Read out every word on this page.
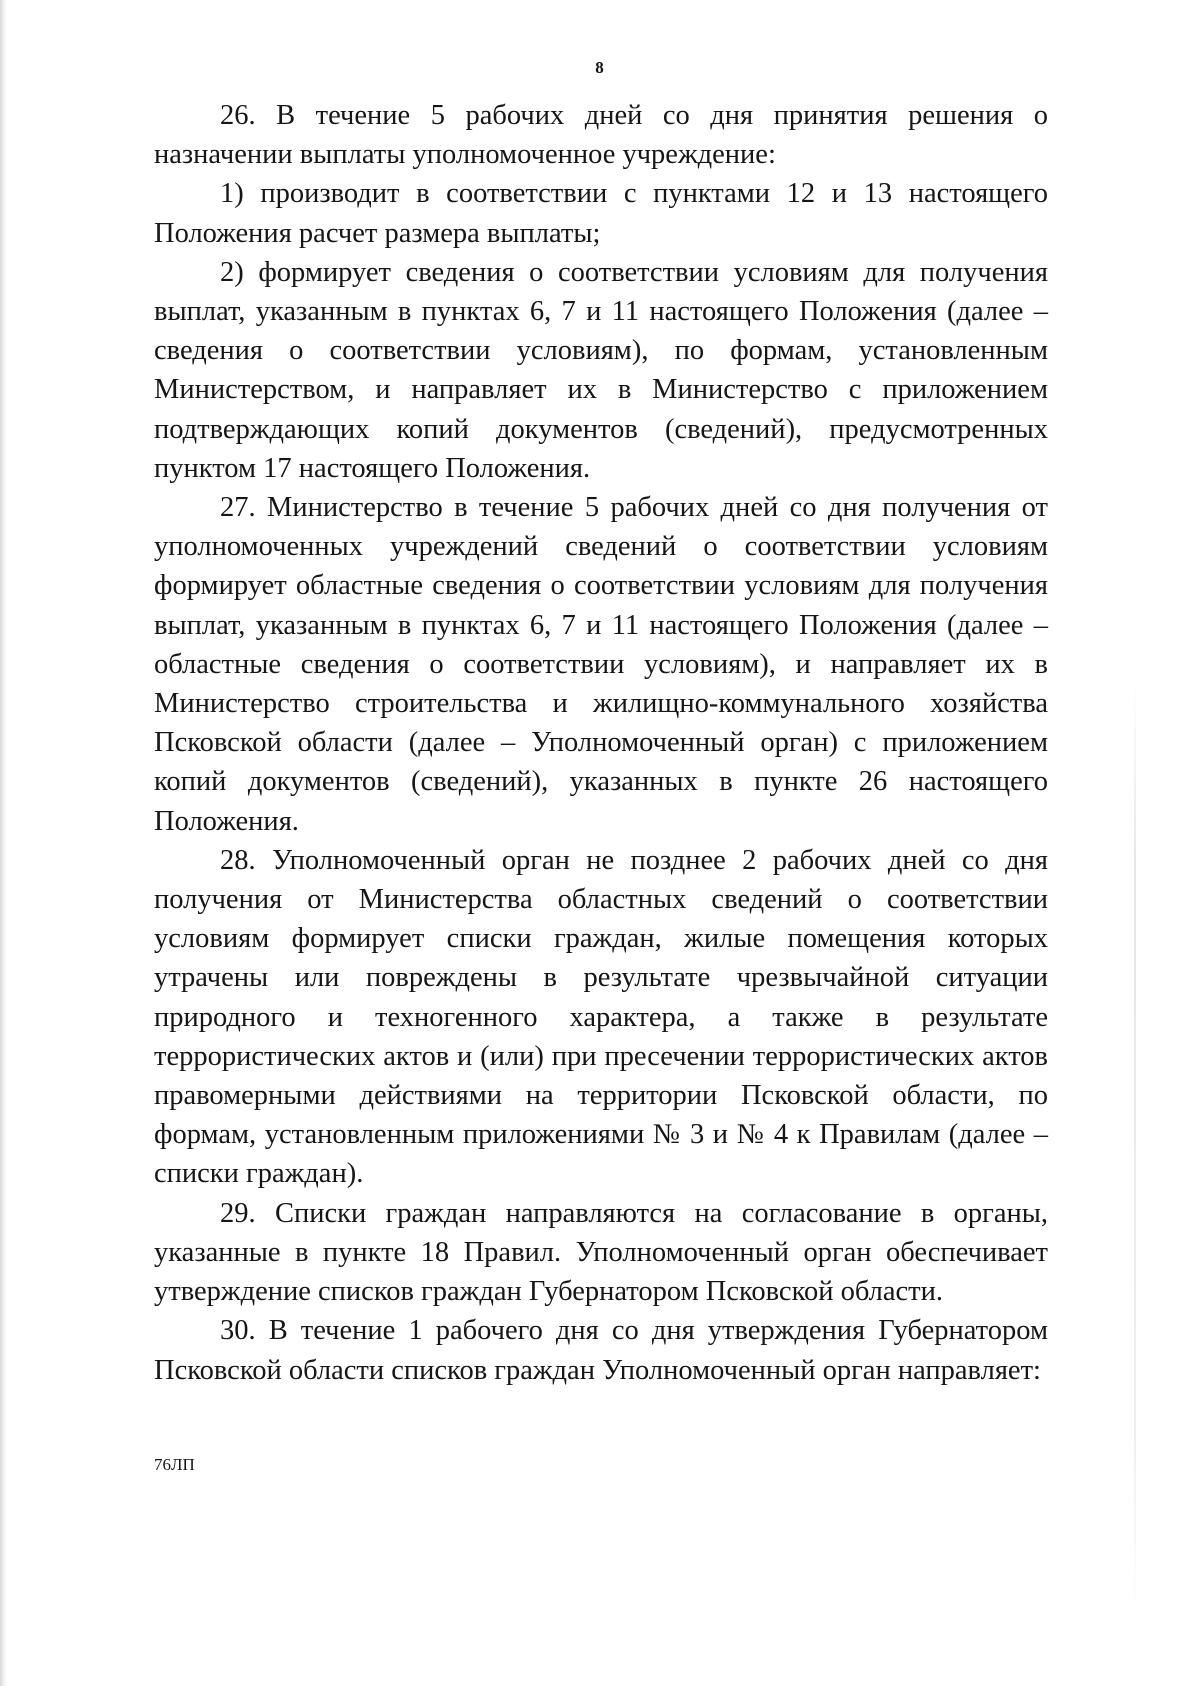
8

26. В течение 5 рабочих дней со дня принятия решения о назначении выплаты уполномоченное учреждение:

1) производит в соответствии с пунктами 12 и 13 настоящего Положения расчет размера выплаты;

2) формирует сведения о соответствии условиям для получения выплат, указанным в пунктах 6, 7 и 11 настоящего Положения (далее – сведения о соответствии условиям), по формам, установленным Министерством, и направляет их в Министерство с приложением подтверждающих копий документов (сведений), предусмотренных пунктом 17 настоящего Положения.

27. Министерство в течение 5 рабочих дней со дня получения от уполномоченных учреждений сведений о соответствии условиям формирует областные сведения о соответствии условиям для получения выплат, указанным в пунктах 6, 7 и 11 настоящего Положения (далее – областные сведения о соответствии условиям), и направляет их в Министерство строительства и жилищно-коммунального хозяйства Псковской области (далее – Уполномоченный орган) с приложением копий документов (сведений), указанных в пункте 26 настоящего Положения.

28. Уполномоченный орган не позднее 2 рабочих дней со дня получения от Министерства областных сведений о соответствии условиям формирует списки граждан, жилые помещения которых утрачены или повреждены в результате чрезвычайной ситуации природного и техногенного характера, а также в результате террористических актов и (или) при пресечении террористических актов правомерными действиями на территории Псковской области, по формам, установленным приложениями № 3 и № 4 к Правилам (далее – списки граждан).

29. Списки граждан направляются на согласование в органы, указанные в пункте 18 Правил. Уполномоченный орган обеспечивает утверждение списков граждан Губернатором Псковской области.

30. В течение 1 рабочего дня со дня утверждения Губернатором Псковской области списков граждан Уполномоченный орган направляет:

76ЛП
